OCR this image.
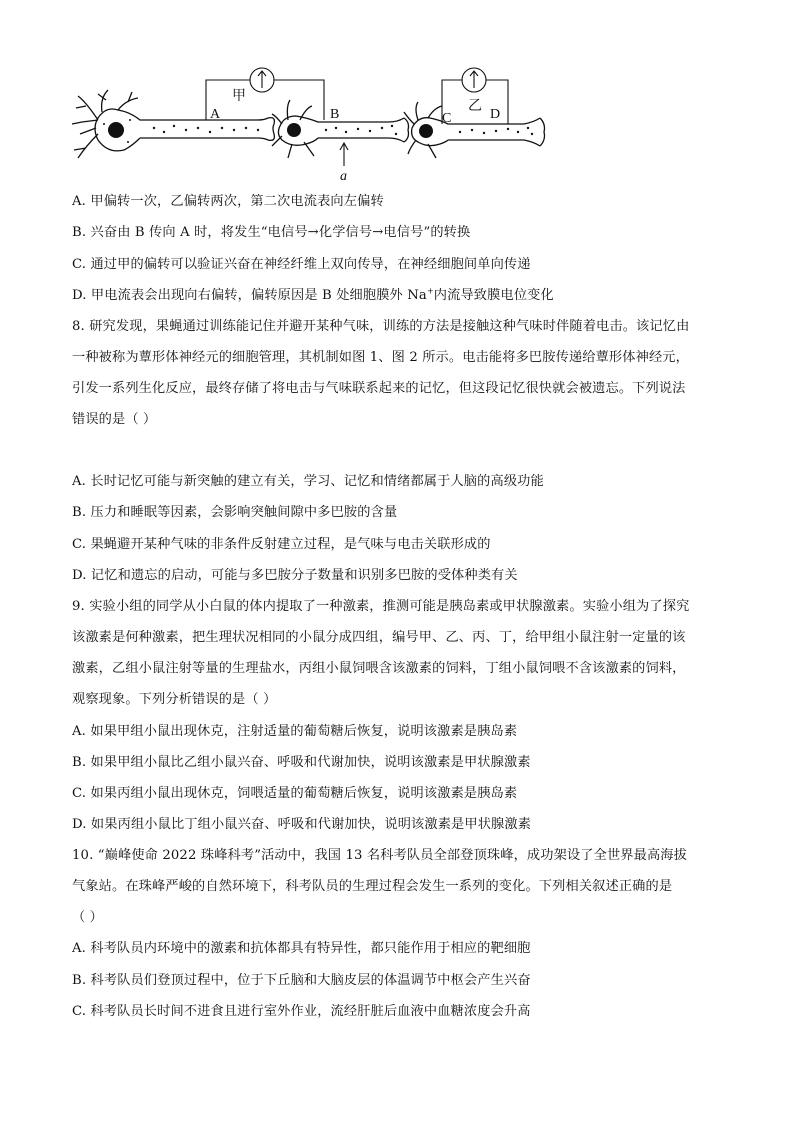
甲
乙
A	B	C	D
a
A. 甲偏转一次，乙偏转两次，第二次电流表向左偏转
B. 兴奋由 B 传向 A 时，将发生“电信号→化学信号→电信号”的转换
C. 通过甲的偏转可以验证兴奋在神经纤维上双向传导，在神经细胞间单向传递
D. 甲电流表会出现向右偏转，偏转原因是 B 处细胞膜外 Na+内流导致膜电位变化
8. 研究发现，果蝇通过训练能记住并避开某种气味，训练的方法是接触这种气味时伴随着电击。该记忆由
一种被称为蕈形体神经元的细胞管理，其机制如图 1、图 2 所示。电击能将多巴胺传递给蕈形体神经元，
引发一系列生化反应，最终存储了将电击与气味联系起来的记忆，但这段记忆很快就会被遗忘。下列说法
错误的是（ ）
A. 长时记忆可能与新突触的建立有关，学习、记忆和情绪都属于人脑的高级功能
B. 压力和睡眠等因素，会影响突触间隙中多巴胺的含量
C. 果蝇避开某种气味的非条件反射建立过程，是气味与电击关联形成的
D. 记忆和遗忘的启动，可能与多巴胺分子数量和识别多巴胺的受体种类有关
9. 实验小组的同学从小白鼠的体内提取了一种激素，推测可能是胰岛素或甲状腺激素。实验小组为了探究
该激素是何种激素，把生理状况相同的小鼠分成四组，编号甲、乙、丙、丁，给甲组小鼠注射一定量的该
激素，乙组小鼠注射等量的生理盐水，丙组小鼠饲喂含该激素的饲料，丁组小鼠饲喂不含该激素的饲料，
观察现象。下列分析错误的是（ ）
A. 如果甲组小鼠出现休克，注射适量的葡萄糖后恢复，说明该激素是胰岛素
B. 如果甲组小鼠比乙组小鼠兴奋、呼吸和代谢加快，说明该激素是甲状腺激素
C. 如果丙组小鼠出现休克，饲喂适量的葡萄糖后恢复，说明该激素是胰岛素
D. 如果丙组小鼠比丁组小鼠兴奋、呼吸和代谢加快，说明该激素是甲状腺激素
10. “巅峰使命 2022 珠峰科考”活动中，我国 13 名科考队员全部登顶珠峰，成功架设了全世界最高海拔
气象站。在珠峰严峻的自然环境下，科考队员的生理过程会发生一系列的变化。下列相关叙述正确的是
（ ）
A. 科考队员内环境中的激素和抗体都具有特异性，都只能作用于相应的靶细胞
B. 科考队员们登顶过程中，位于下丘脑和大脑皮层的体温调节中枢会产生兴奋
C. 科考队员长时间不进食且进行室外作业，流经肝脏后血液中血糖浓度会升高
